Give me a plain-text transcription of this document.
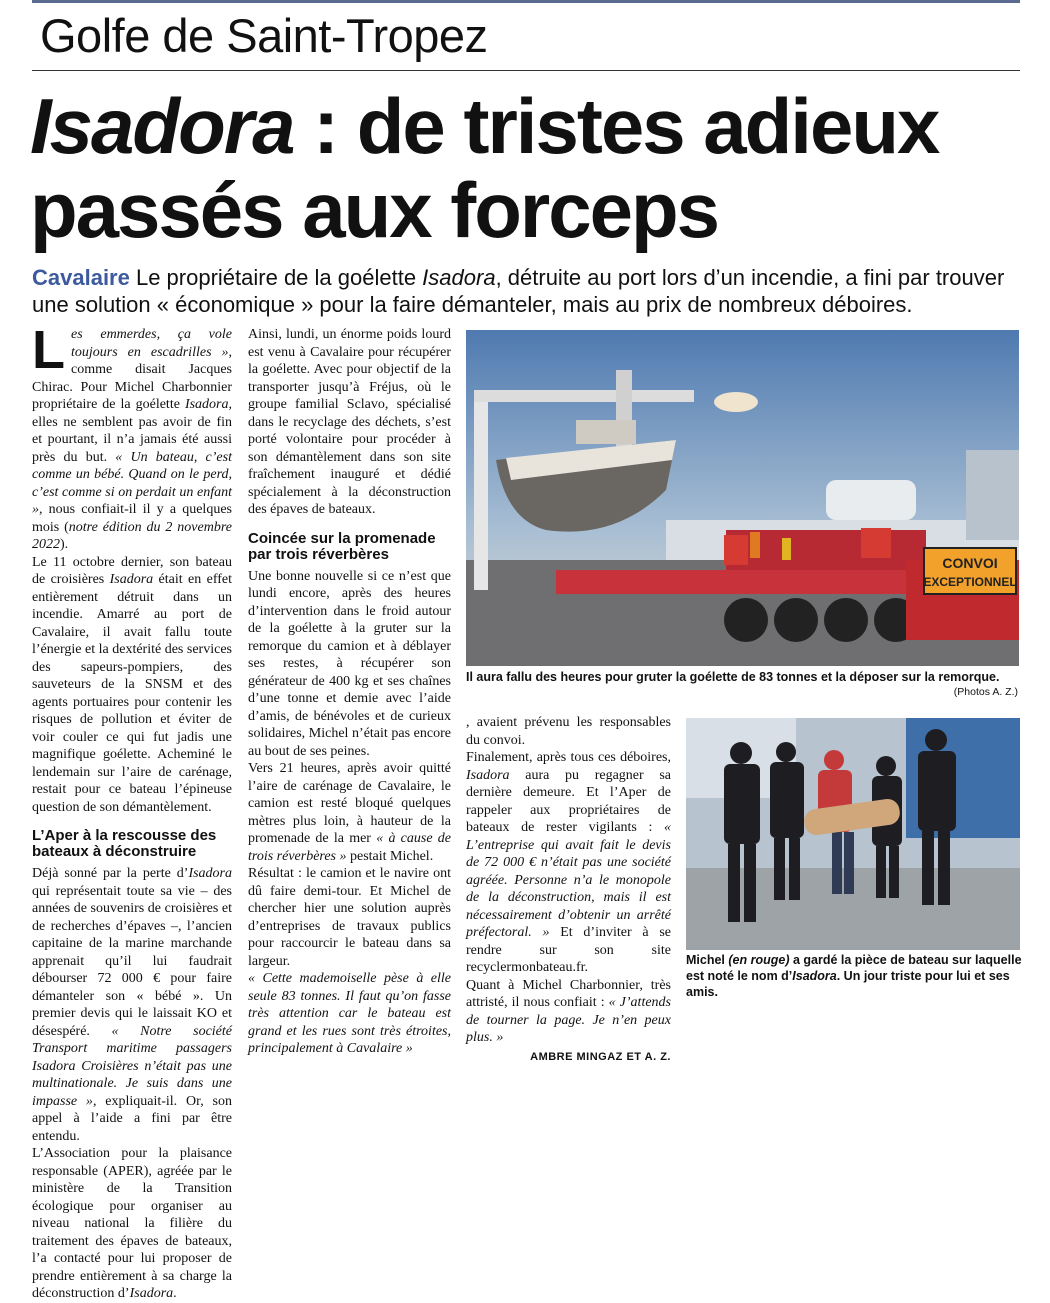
Golfe de Saint-Tropez
Isadora : de tristes adieux
passés aux forceps
Cavalaire Le propriétaire de la goélette Isadora, détruite au port lors d’un incendie, a fini par trouver une solution « économique » pour la faire démanteler, mais au prix de nombreux déboires.

Les emmerdes, ça vole toujours en escadrilles », comme disait Jacques Chirac. Pour Michel Charbonnier propriétaire de la goélette Isadora, elles ne semblent pas avoir de fin et pourtant, il n’a jamais été aussi près du but. « Un bateau, c’est comme un bébé. Quand on le perd, c’est comme si on perdait un enfant », nous confiait-il il y a quelques mois (notre édition du 2 novembre 2022).

Le 11 octobre dernier, son bateau de croisières Isadora était en effet entièrement détruit dans un incendie. Amarré au port de Cavalaire, il avait fallu toute l’énergie et la dextérité des services des sapeurs-pompiers, des sauveteurs de la SNSM et des agents portuaires pour contenir les risques de pollution et éviter de voir couler ce qui fut jadis une magnifique goélette. Acheminé le lendemain sur l’aire de carénage, restait pour ce bateau l’épineuse question de son démantèlement.

L’Aper à la rescousse des bateaux à déconstruire

Déjà sonné par la perte d’Isadora qui représentait toute sa vie – des années de souvenirs de croisières et de recherches d’épaves –, l’ancien capitaine de la marine marchande apprenait qu’il lui faudrait débourser 72 000 € pour faire démanteler son « bébé ». Un premier devis qui le laissait KO et désespéré. « Notre société Transport maritime passagers Isadora Croisières n’était pas une multinationale. Je suis dans une impasse », expliquait-il. Or, son appel à l’aide a fini par être entendu.

L’Association pour la plaisance responsable (APER), agréée par le ministère de la Transition écologique pour organiser au niveau national la filière du traitement des épaves de bateaux, l’a contacté pour lui proposer de prendre entièrement à sa charge la déconstruction d’Isadora.

Ainsi, lundi, un énorme poids lourd est venu à Cavalaire pour récupérer la goélette. Avec pour objectif de la transporter jusqu’à Fréjus, où le groupe familial Sclavo, spécialisé dans le recyclage des déchets, s’est porté volontaire pour procéder à son démantèlement dans son site fraîchement inauguré et dédié spécialement à la déconstruction des épaves de bateaux.

Coincée sur la promenade par trois réverbères

Une bonne nouvelle si ce n’est que lundi encore, après des heures d’intervention dans le froid autour de la goélette à la gruter sur la remorque du camion et à déblayer ses restes, à récupérer son générateur de 400 kg et ses chaînes d’une tonne et demie avec l’aide d’amis, de bénévoles et de curieux solidaires, Michel n’était pas encore au bout de ses peines.

Vers 21 heures, après avoir quitté l’aire de carénage de Cavalaire, le camion est resté bloqué quelques mètres plus loin, à hauteur de la promenade de la mer « à cause de trois réverbères » pestait Michel.

Résultat : le camion et le navire ont dû faire demi-tour. Et Michel de chercher hier une solution auprès d’entreprises de travaux publics pour raccourcir le bateau dans sa largeur.

« Cette mademoiselle pèse à elle seule 83 tonnes. Il faut qu’on fasse très attention car le bateau est grand et les rues sont très étroites, principalement à Cavalaire »

, avaient prévenu les responsables du convoi.

Finalement, après tous ces déboires, Isadora aura pu regagner sa dernière demeure. Et l’Aper de rappeler aux propriétaires de bateaux de rester vigilants : « L’entreprise qui avait fait le devis de 72 000 € n’était pas une société agréée. Personne n’a le monopole de la déconstruction, mais il est nécessairement d’obtenir un arrêté préfectoral. » Et d’inviter à se rendre sur son site recyclermonbateau.fr.

Quant à Michel Charbonnier, très attristé, il nous confiait : « J’attends de tourner la page. Je n’en peux plus. »

AMBRE MINGAZ ET A. Z.
CONVOI
EXCEPTIONNEL
Il aura fallu des heures pour gruter la goélette de 83 tonnes et la déposer sur la remorque.
(Photos A. Z.)
Michel (en rouge) a gardé la pièce de bateau sur laquelle est noté le nom d’Isadora. Un jour triste pour lui et ses amis.
